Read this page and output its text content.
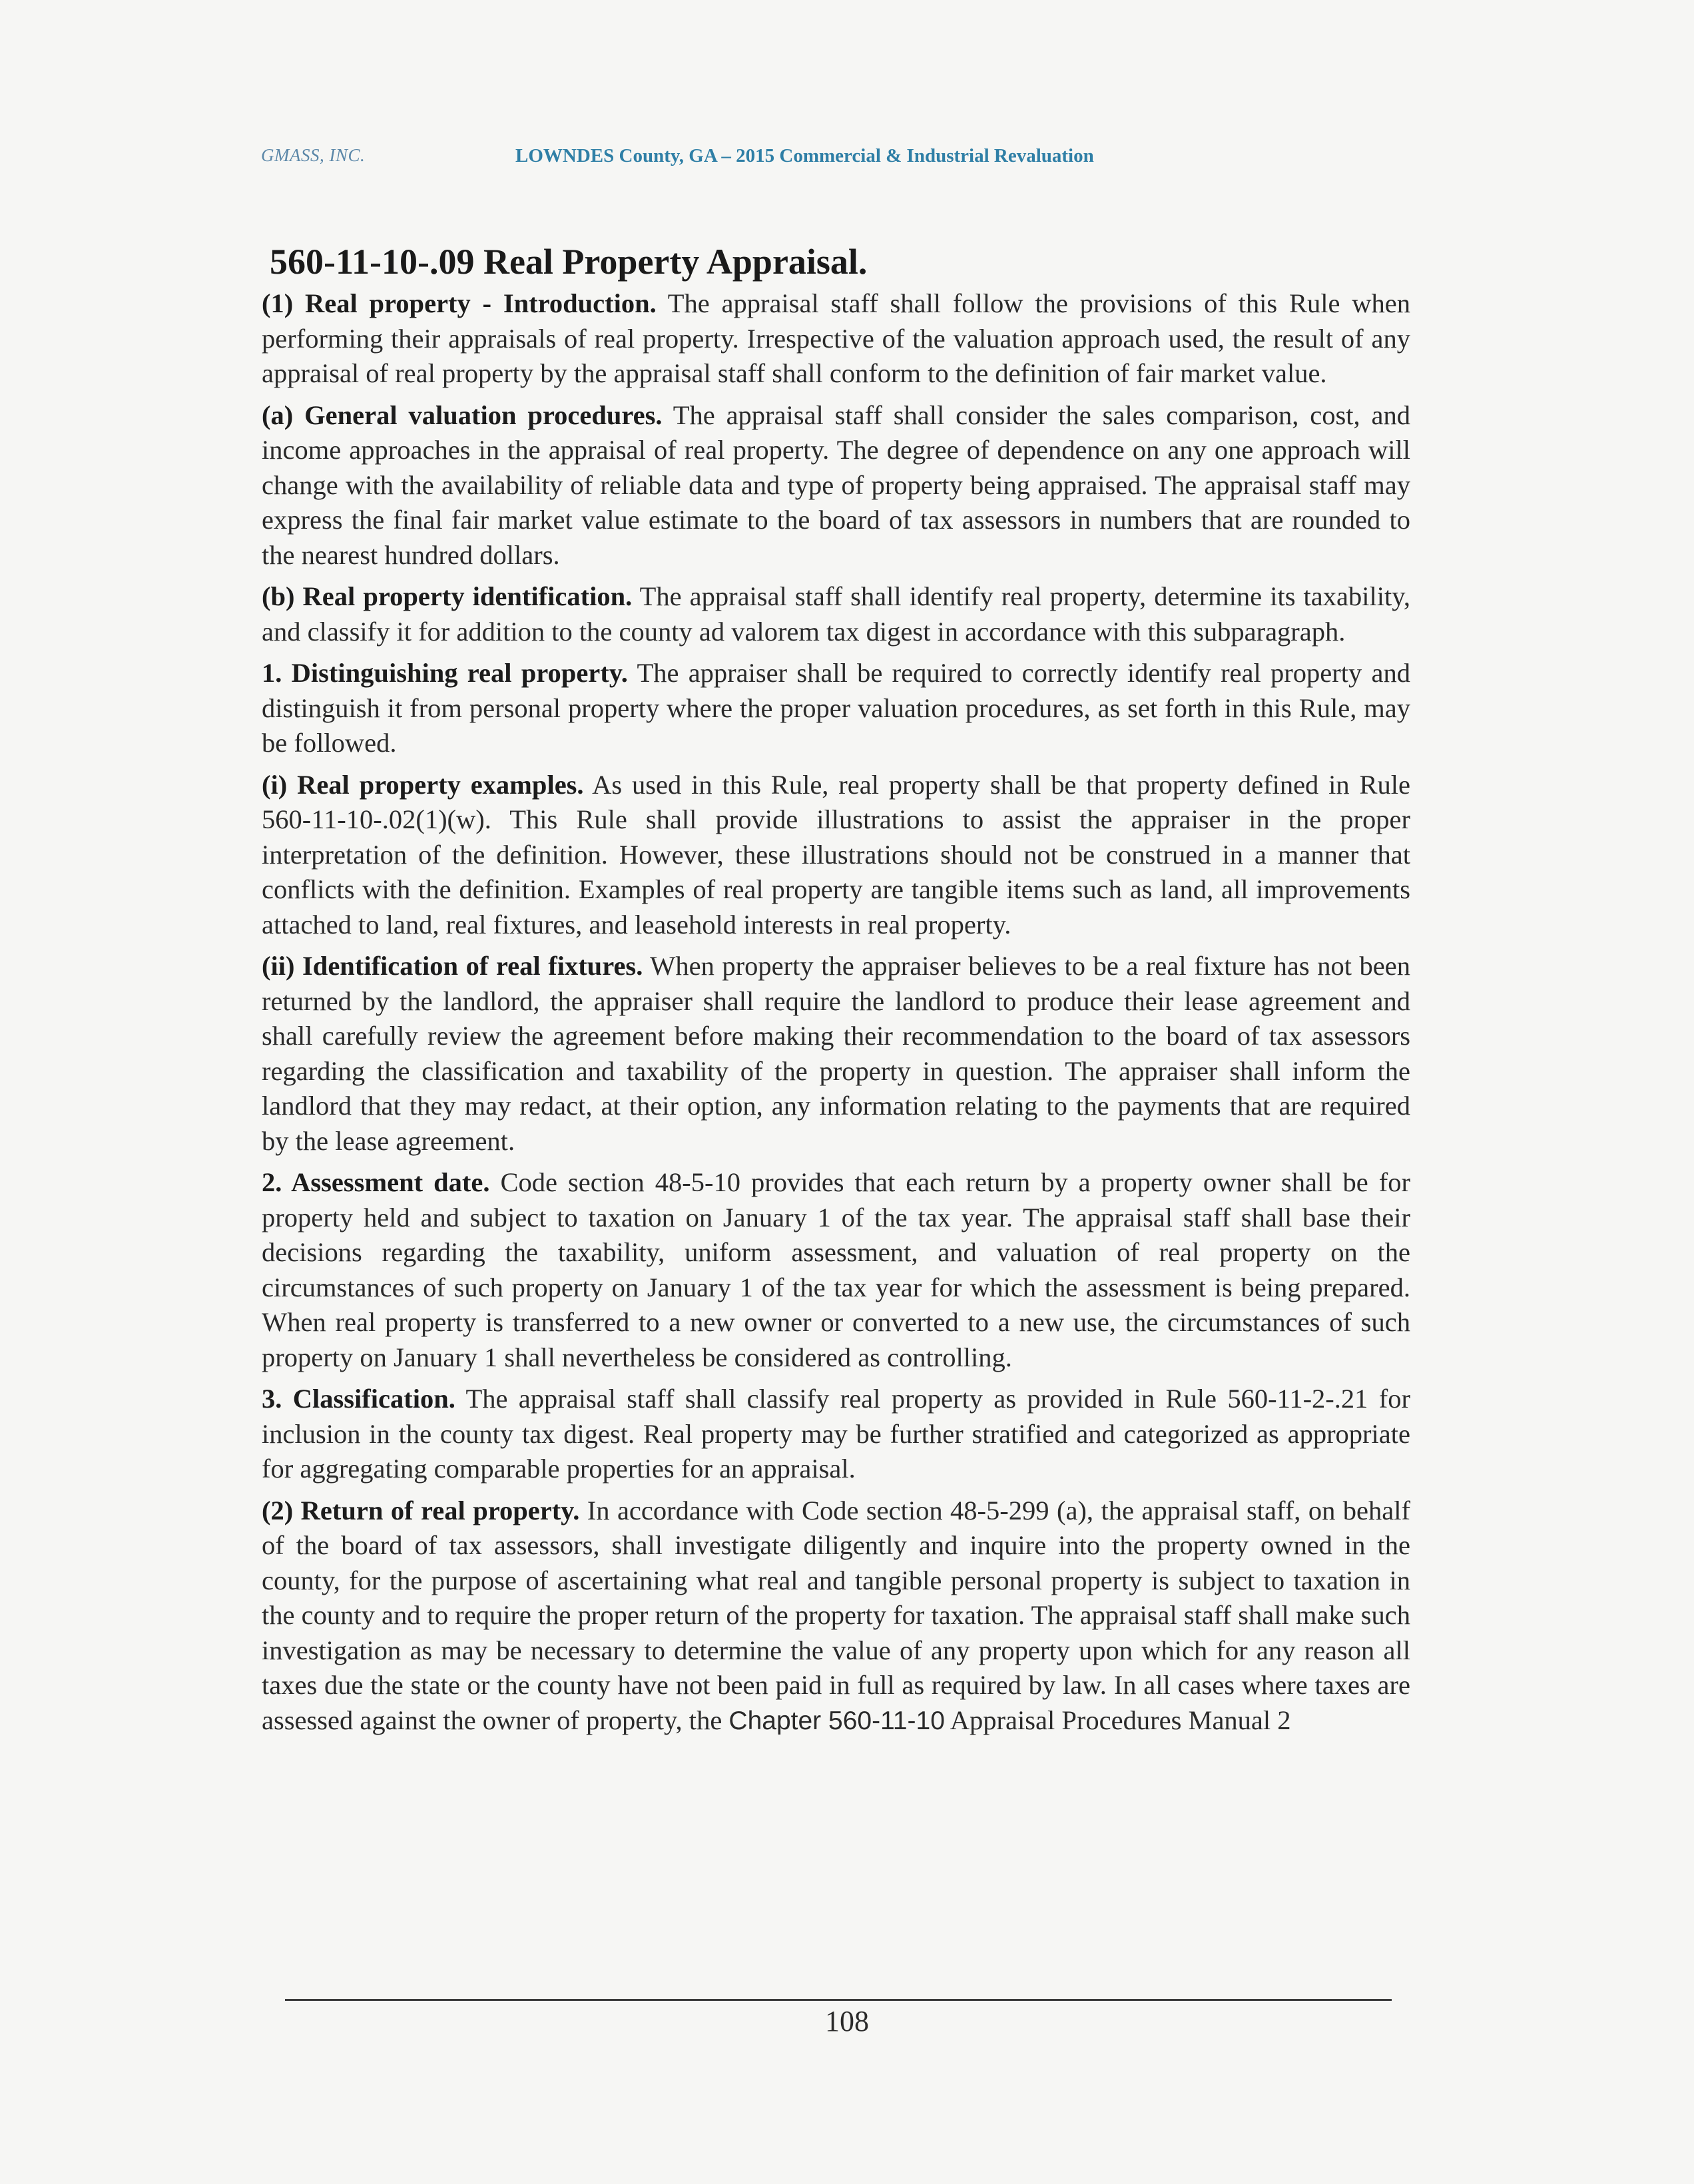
GMASS, INC.	LOWNDES County, GA – 2015 Commercial & Industrial Revaluation
560-11-10-.09 Real Property Appraisal.

(1) Real property - Introduction. The appraisal staff shall follow the provisions of this Rule when performing their appraisals of real property. Irrespective of the valuation approach used, the result of any appraisal of real property by the appraisal staff shall conform to the definition of fair market value.

(a) General valuation procedures. The appraisal staff shall consider the sales comparison, cost, and income approaches in the appraisal of real property. The degree of dependence on any one approach will change with the availability of reliable data and type of property being appraised. The appraisal staff may express the final fair market value estimate to the board of tax assessors in numbers that are rounded to the nearest hundred dollars.

(b) Real property identification. The appraisal staff shall identify real property, determine its taxability, and classify it for addition to the county ad valorem tax digest in accordance with this subparagraph.

1. Distinguishing real property. The appraiser shall be required to correctly identify real property and distinguish it from personal property where the proper valuation procedures, as set forth in this Rule, may be followed.

(i) Real property examples. As used in this Rule, real property shall be that property defined in Rule 560-11-10-.02(1)(w). This Rule shall provide illustrations to assist the appraiser in the proper interpretation of the definition. However, these illustrations should not be construed in a manner that conflicts with the definition. Examples of real property are tangible items such as land, all improvements attached to land, real fixtures, and leasehold interests in real property.

(ii) Identification of real fixtures. When property the appraiser believes to be a real fixture has not been returned by the landlord, the appraiser shall require the landlord to produce their lease agreement and shall carefully review the agreement before making their recommendation to the board of tax assessors regarding the classification and taxability of the property in question. The appraiser shall inform the landlord that they may redact, at their option, any information relating to the payments that are required by the lease agreement.

2. Assessment date. Code section 48-5-10 provides that each return by a property owner shall be for property held and subject to taxation on January 1 of the tax year. The appraisal staff shall base their decisions regarding the taxability, uniform assessment, and valuation of real property on the circumstances of such property on January 1 of the tax year for which the assessment is being prepared. When real property is transferred to a new owner or converted to a new use, the circumstances of such property on January 1 shall nevertheless be considered as controlling.

3. Classification. The appraisal staff shall classify real property as provided in Rule 560-11-2-.21 for inclusion in the county tax digest. Real property may be further stratified and categorized as appropriate for aggregating comparable properties for an appraisal.

(2) Return of real property. In accordance with Code section 48-5-299 (a), the appraisal staff, on behalf of the board of tax assessors, shall investigate diligently and inquire into the property owned in the county, for the purpose of ascertaining what real and tangible personal property is subject to taxation in the county and to require the proper return of the property for taxation. The appraisal staff shall make such investigation as may be necessary to determine the value of any property upon which for any reason all taxes due the state or the county have not been paid in full as required by law. In all cases where taxes are assessed against the owner of property, the Chapter 560-11-10 Appraisal Procedures Manual 2

108
